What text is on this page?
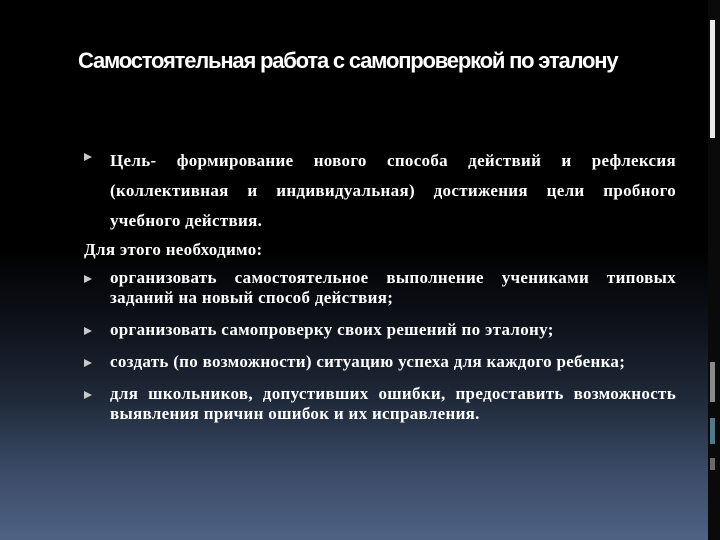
Самостоятельная работа с самопроверкой по эталону
Цель- формирование нового способа действий и рефлексия (коллективная и индивидуальная) достижения цели пробного учебного действия.
Для этого необходимо:
организовать самостоятельное выполнение учениками типовых заданий на новый способ действия;
организовать самопроверку своих решений по эталону;
создать (по возможности) ситуацию успеха для каждого ребенка;
для школьников, допустивших ошибки, предоставить возможность выявления причин ошибок и их исправления.
